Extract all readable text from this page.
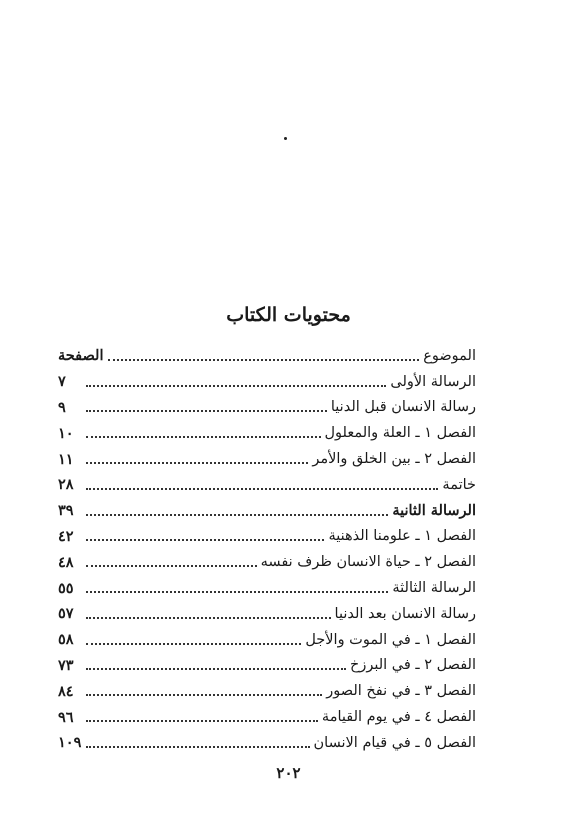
محتويات الكتاب
الموضوع
الصفحة
الرسالة الأولى
٧
رسالة الانسان قبل الدنيا
٩
الفصل ١ ـ العلة والمعلول
١٠
الفصل ٢ ـ بين الخلق والأمر
١١
خاتمة
٢٨
الرسالة الثانية
٣٩
الفصل ١ ـ علومنا الذهنية
٤٢
الفصل ٢ ـ حياة الانسان ظرف نفسه
٤٨
الرسالة الثالثة
٥٥
رسالة الانسان بعد الدنيا
٥٧
الفصل ١ ـ في الموت والأجل
٥٨
الفصل ٢ ـ في البرزخ
٧٣
الفصل ٣ ـ في نفخ الصور
٨٤
الفصل ٤ ـ في يوم القيامة
٩٦
الفصل ٥ ـ في قيام الانسان
١٠٩
٢٠٢
